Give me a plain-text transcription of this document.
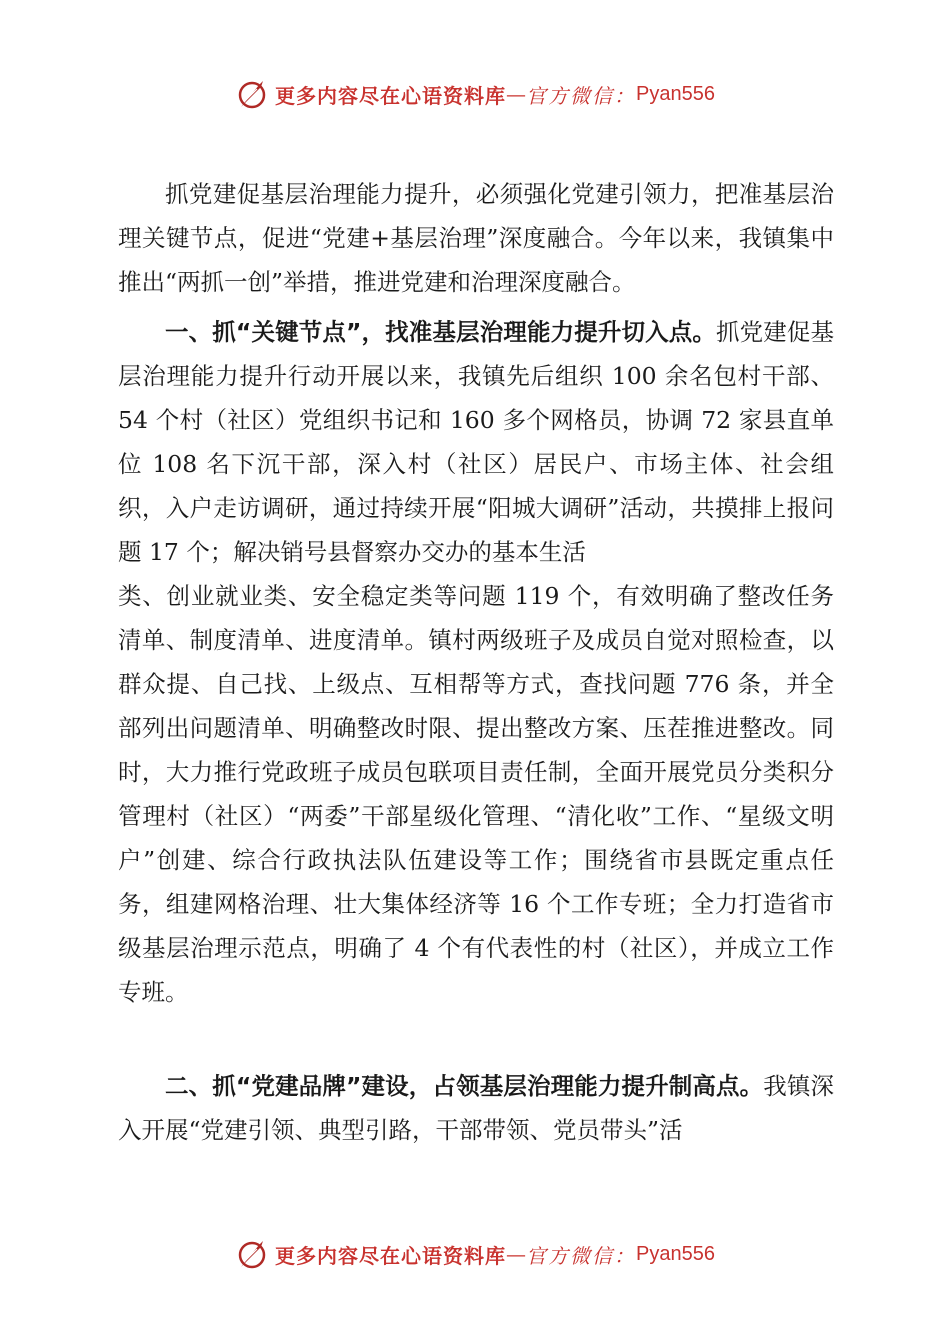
更多内容尽在心语资料库 — 官方微信： Pyan556

抓党建促基层治理能力提升，必须强化党建引领力，把准基层治理关键节点，促进“党建+基层治理”深度融合。今年以来，我镇集中推出“两抓一创”举措，推进党建和治理深度融合。

一、抓“关键节点”，找准基层治理能力提升切入点。抓党建促基层治理能力提升行动开展以来，我镇先后组织 100 余名包村干部、54 个村（社区）党组织书记和 160 多个网格员，协调 72 家县直单位 108 名下沉干部，深入村（社区）居民户、市场主体、社会组织，入户走访调研，通过持续开展“阳城大调研”活动，共摸排上报问题 17 个；解决销号县督察办交办的基本生活

类、创业就业类、安全稳定类等问题 119 个，有效明确了整改任务清单、制度清单、进度清单。镇村两级班子及成员自觉对照检查，以群众提、自己找、上级点、互相帮等方式，查找问题 776 条，并全部列出问题清单、明确整改时限、提出整改方案、压茬推进整改。同时，大力推行党政班子成员包联项目责任制，全面开展党员分类积分管理村（社区）“两委”干部星级化管理、“清化收”工作、“星级文明户”创建、综合行政执法队伍建设等工作；围绕省市县既定重点任务，组建网格治理、壮大集体经济等 16 个工作专班；全力打造省市级基层治理示范点，明确了 4 个有代表性的村（社区），并成立工作专班。

二、抓“党建品牌”建设，占领基层治理能力提升制高点。我镇深入开展“党建引领、典型引路，干部带领、党员带头”活

更多内容尽在心语资料库 — 官方微信： Pyan556
